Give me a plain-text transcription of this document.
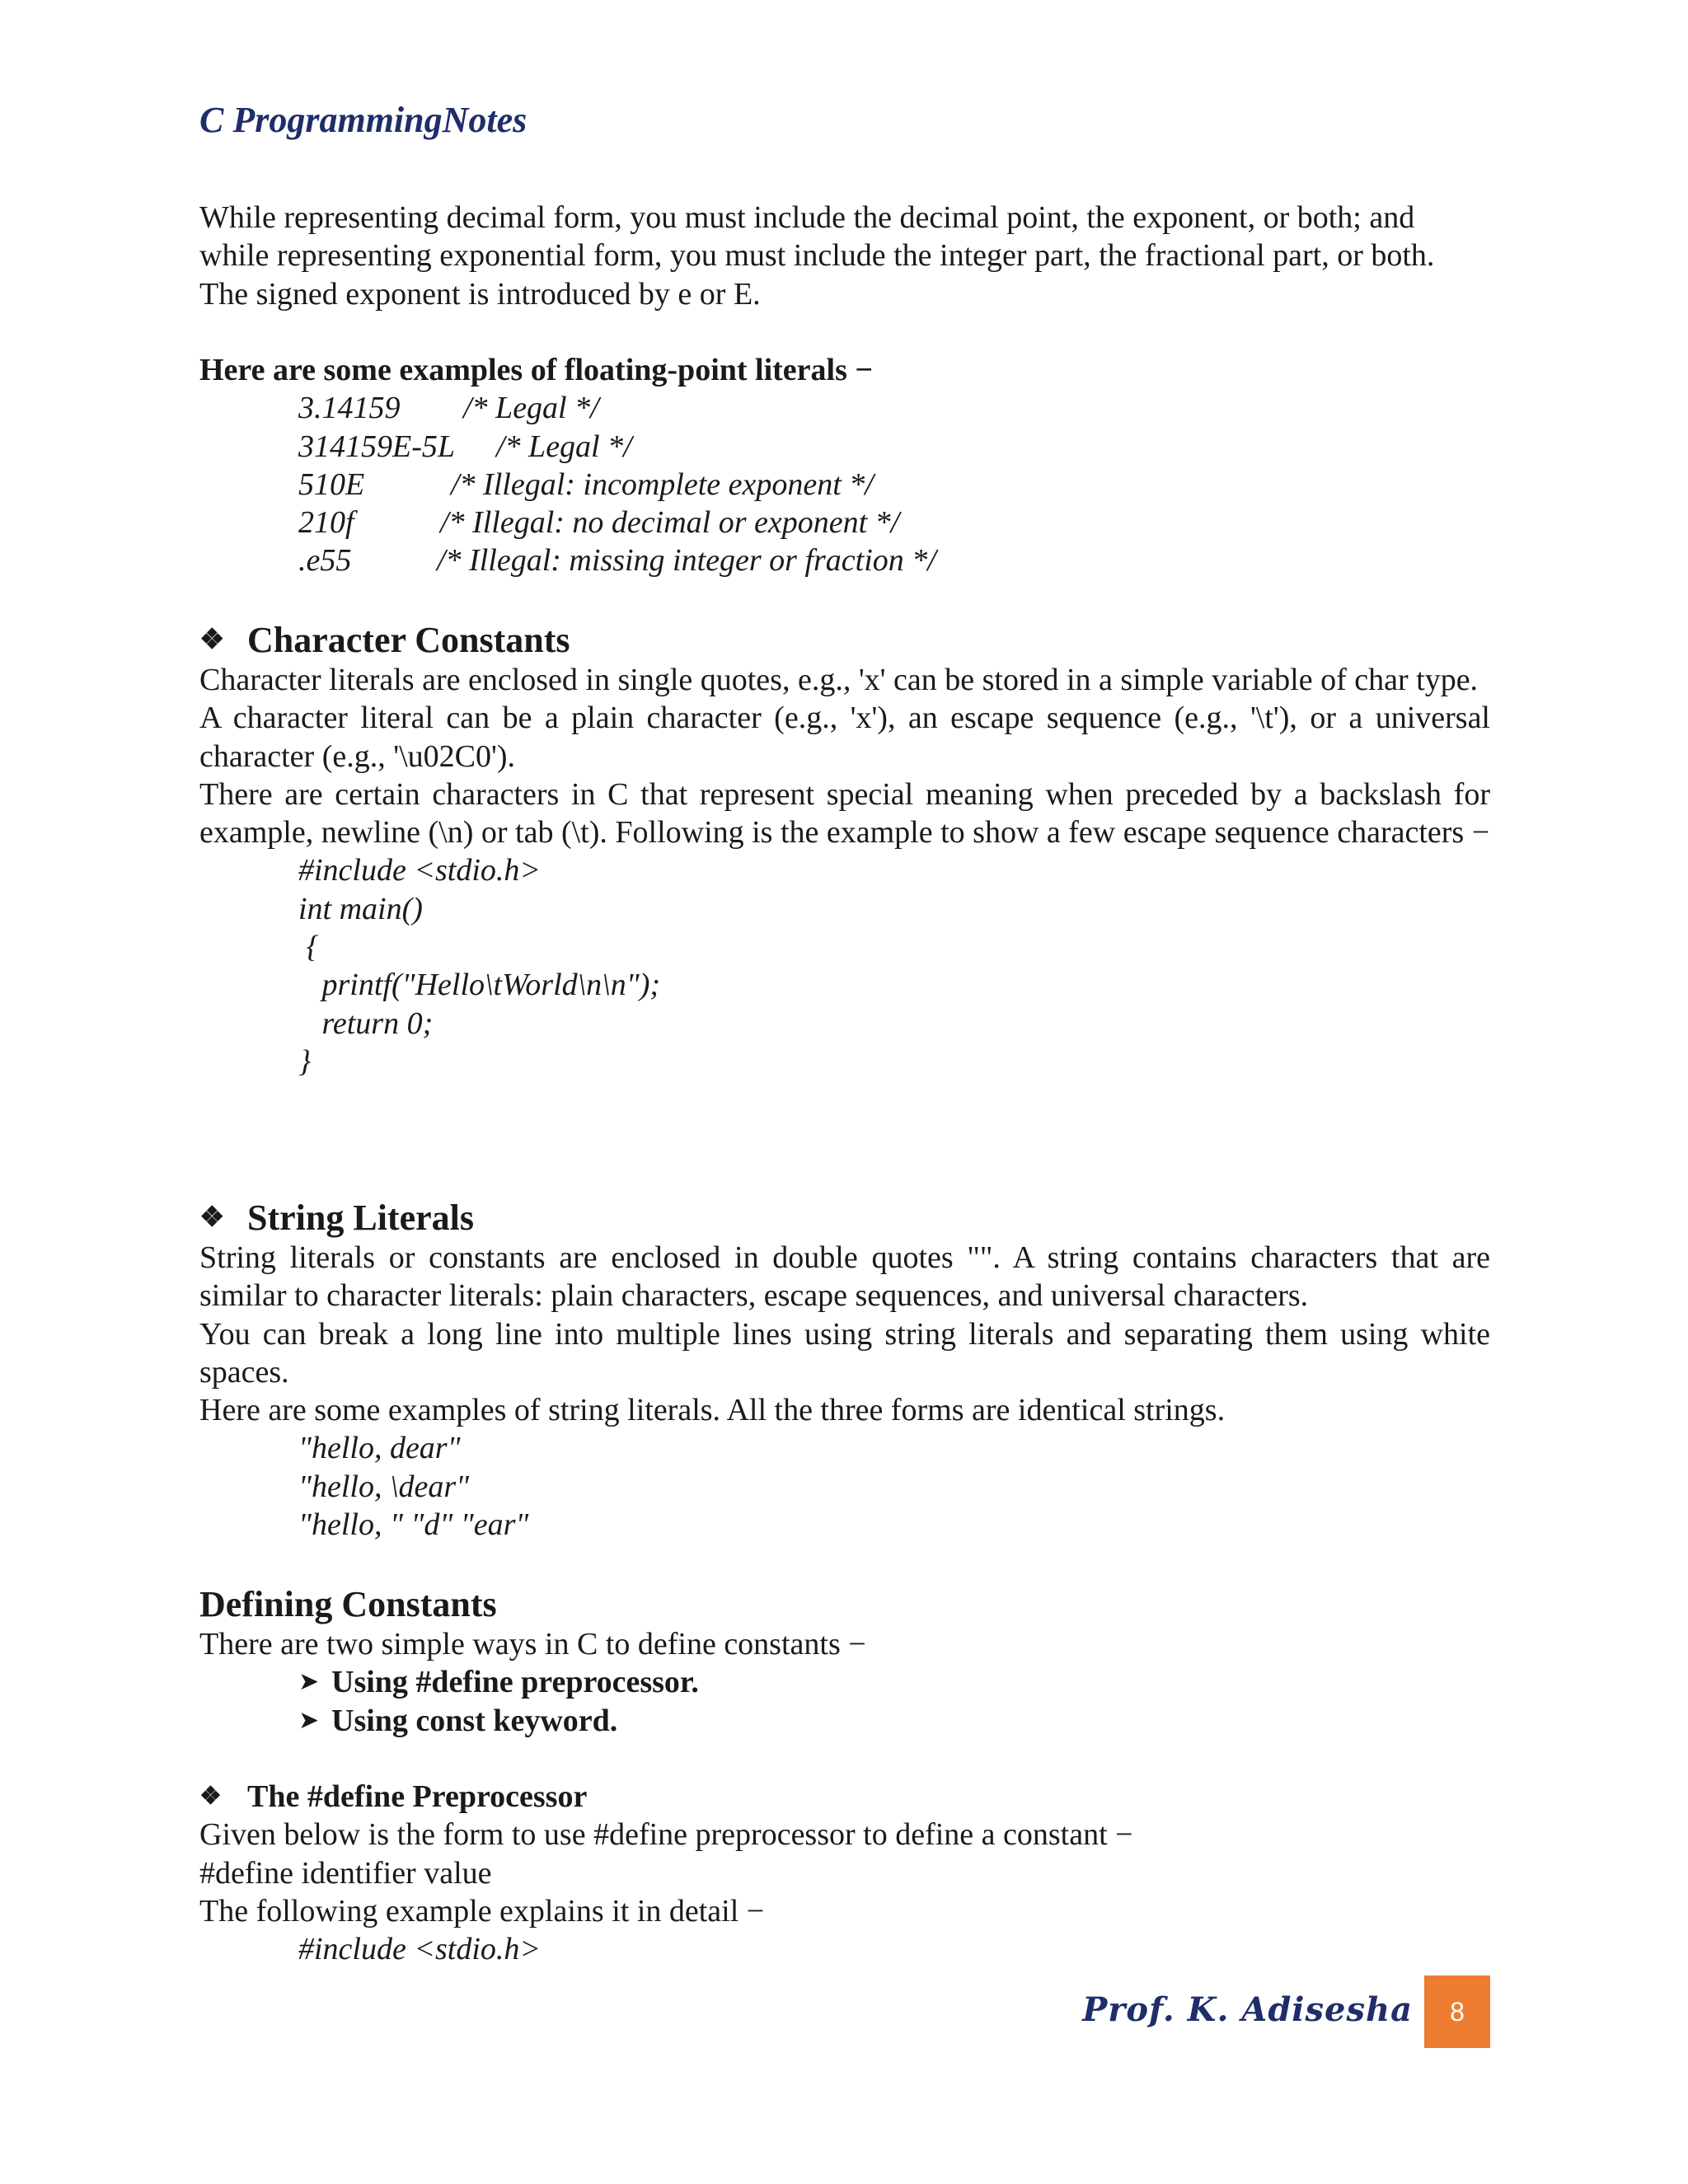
C ProgrammingNotes
While representing decimal form, you must include the decimal point, the exponent, or both; and
while representing exponential form, you must include the integer part, the fractional part, or both.
The signed exponent is introduced by e or E.
Here are some examples of floating-point literals −
3.14159 /* Legal */
314159E-5L /* Legal */
510E	/* Illegal: incomplete exponent */
210f	/* Illegal: no decimal or exponent */
.e55	/* Illegal: missing integer or fraction */
❖ Character Constants
Character literals are enclosed in single quotes, e.g., 'x' can be stored in a simple variable of char type.
A character literal can be a plain character (e.g., 'x'), an escape sequence (e.g., '\t'), or a universal character (e.g., '\u02C0').
There are certain characters in C that represent special meaning when preceded by a backslash for example, newline (\n) or tab (\t). Following is the example to show a few escape sequence characters −
#include <stdio.h>
int main()
{
printf("Hello\tWorld\n\n");
return 0;
}
❖ String Literals
String literals or constants are enclosed in double quotes "". A string contains characters that are similar to character literals: plain characters, escape sequences, and universal characters.
You can break a long line into multiple lines using string literals and separating them using white spaces.
Here are some examples of string literals. All the three forms are identical strings.
"hello, dear"
"hello, \dear"
"hello, " "d" "ear"
Defining Constants
There are two simple ways in C to define constants −
➤ Using #define preprocessor.
➤ Using const keyword.
❖ The #define Preprocessor
Given below is the form to use #define preprocessor to define a constant −
#define identifier value
The following example explains it in detail −
#include <stdio.h>
Prof. K. Adisesha	8
